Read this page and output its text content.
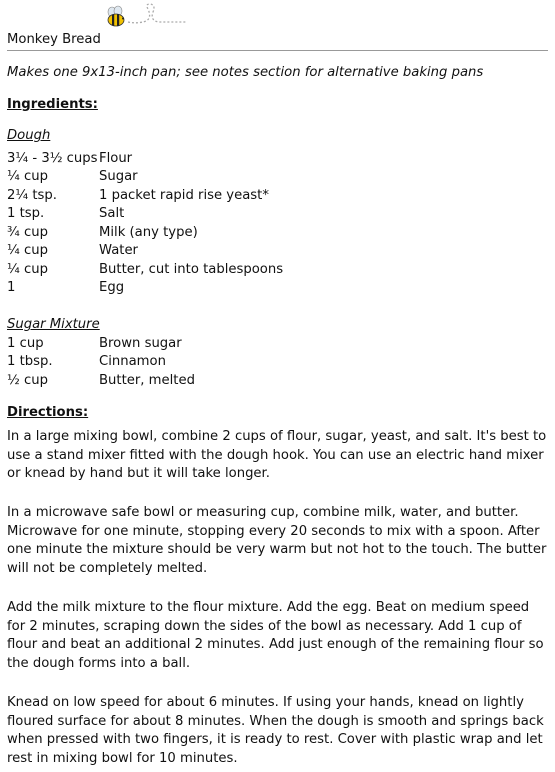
Monkey Bread
Makes one 9x13-inch pan; see notes section for alternative baking pans
Ingredients:
Dough
3¼ - 3½ cups Flour
¼ cup	Sugar
2¼ tsp.	1 packet rapid rise yeast*
1 tsp.	Salt
¾ cup	Milk (any type)
¼ cup	Water
¼ cup	Butter, cut into tablespoons
1	Egg
Sugar Mixture
1 cup	Brown sugar
1 tbsp.	Cinnamon
½ cup	Butter, melted
Directions:
In a large mixing bowl, combine 2 cups of flour, sugar, yeast, and salt. It's best to use a stand mixer fitted with the dough hook. You can use an electric hand mixer or knead by hand but it will take longer.
In a microwave safe bowl or measuring cup, combine milk, water, and butter. Microwave for one minute, stopping every 20 seconds to mix with a spoon. After one minute the mixture should be very warm but not hot to the touch. The butter will not be completely melted.
Add the milk mixture to the flour mixture. Add the egg. Beat on medium speed for 2 minutes, scraping down the sides of the bowl as necessary. Add 1 cup of flour and beat an additional 2 minutes. Add just enough of the remaining flour so the dough forms into a ball.
Knead on low speed for about 6 minutes. If using your hands, knead on lightly floured surface for about 8 minutes. When the dough is smooth and springs back when pressed with two fingers, it is ready to rest. Cover with plastic wrap and let rest in mixing bowl for 10 minutes.
